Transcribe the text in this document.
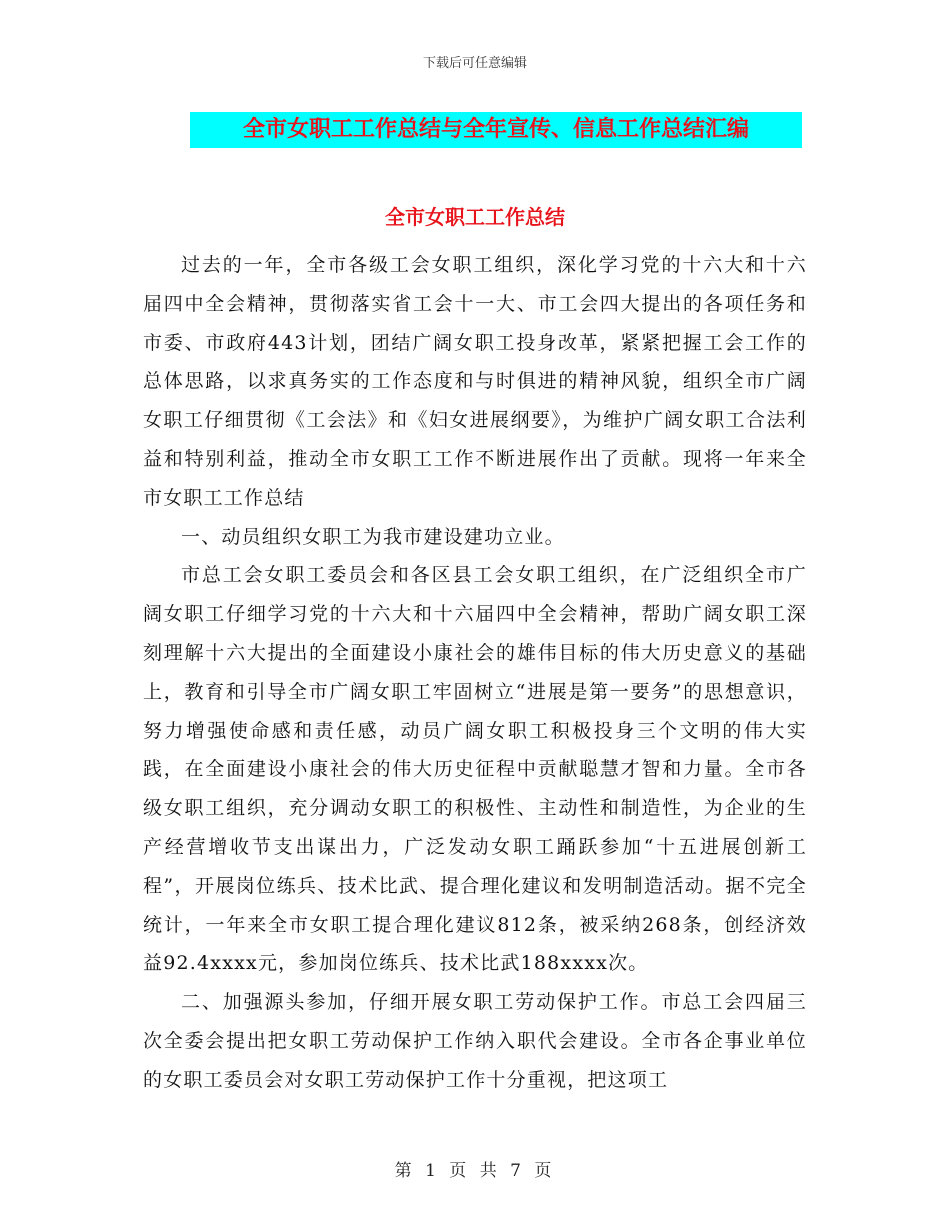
下载后可任意编辑
全市女职工工作总结与全年宣传、信息工作总结汇编
全市女职工工作总结

过去的一年，全市各级工会女职工组织，深化学习党的十六大和十六届四中全会精神，贯彻落实省工会十一大、市工会四大提出的各项任务和市委、市政府443计划，团结广阔女职工投身改革，紧紧把握工会工作的总体思路，以求真务实的工作态度和与时俱进的精神风貌，组织全市广阔女职工仔细贯彻《工会法》和《妇女进展纲要》，为维护广阔女职工合法利益和特别利益，推动全市女职工工作不断进展作出了贡献。现将一年来全市女职工工作总结

一、动员组织女职工为我市建设建功立业。

市总工会女职工委员会和各区县工会女职工组织，在广泛组织全市广阔女职工仔细学习党的十六大和十六届四中全会精神，帮助广阔女职工深刻理解十六大提出的全面建设小康社会的雄伟目标的伟大历史意义的基础上，教育和引导全市广阔女职工牢固树立“进展是第一要务”的思想意识，努力增强使命感和责任感，动员广阔女职工积极投身三个文明的伟大实践，在全面建设小康社会的伟大历史征程中贡献聪慧才智和力量。全市各级女职工组织，充分调动女职工的积极性、主动性和制造性，为企业的生产经营增收节支出谋出力，广泛发动女职工踊跃参加“十五进展创新工程”，开展岗位练兵、技术比武、提合理化建议和发明制造活动。据不完全统计，一年来全市女职工提合理化建议812条，被采纳268条，创经济效益92.4xxxx元，参加岗位练兵、技术比武188xxxx次。

二、加强源头参加，仔细开展女职工劳动保护工作。市总工会四届三次全委会提出把女职工劳动保护工作纳入职代会建设。全市各企事业单位的女职工委员会对女职工劳动保护工作十分重视，把这项工

第 1 页 共 7 页
